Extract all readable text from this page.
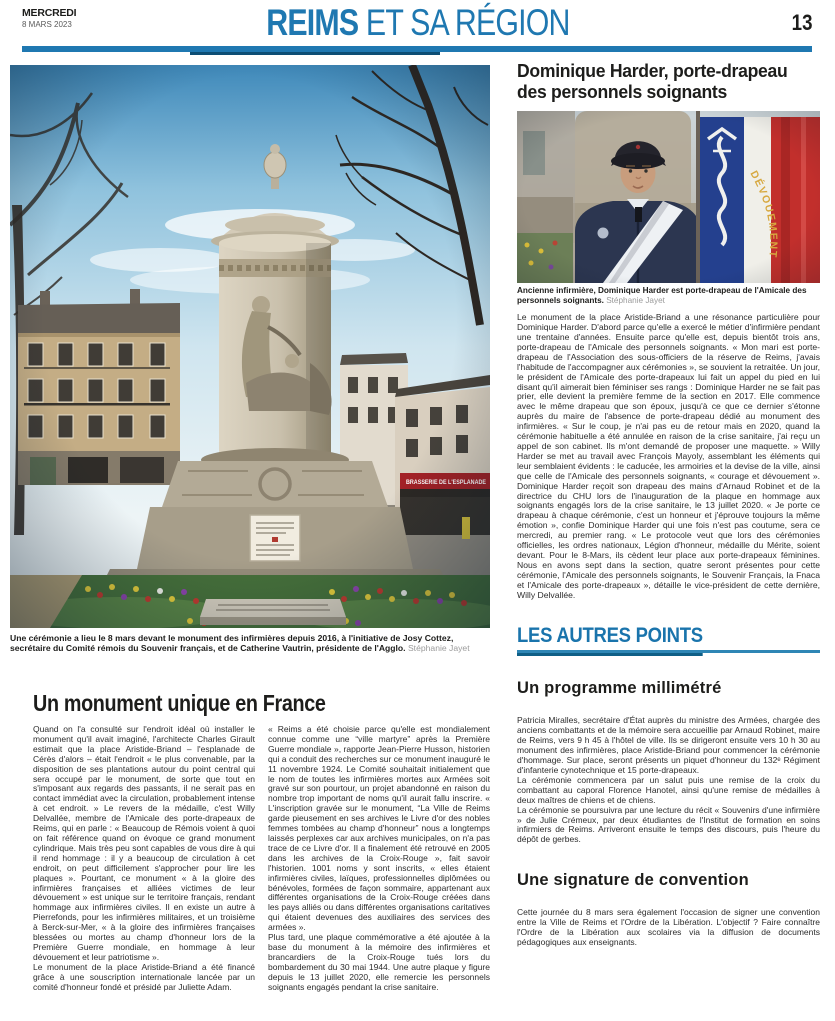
MERCREDI
8 MARS 2023	REIMS ET SA RÉGION	13
Une cérémonie a lieu le 8 mars devant le monument des infirmières depuis 2016, à l'initiative de Josy Cottez, secrétaire du Comité rémois du Souvenir français, et de Catherine Vautrin, présidente de l'Agglo. Stéphanie Jayet
Un monument unique en France

Quand on l'a consulté sur l'endroit idéal où installer le monument qu'il avait imaginé, l'architecte Charles Girault estimait que la place Aristide-Briand – l'esplanade de Cérès d'alors – était l'endroit « le plus convenable, par la disposition de ses plantations autour du point central qui sera occupé par le monument, de sorte que tout en s'imposant aux regards des passants, il ne serait pas en contact immédiat avec la circulation, probablement intense à cet endroit. » Le revers de la médaille, c'est Willy Delvallée, membre de l'Amicale des porte-drapeaux de Reims, qui en parle : « Beaucoup de Rémois voient à quoi on fait référence quand on évoque ce grand monument cylindrique. Mais très peu sont capables de vous dire à qui il rend hommage : il y a beaucoup de circulation à cet endroit, on peut difficilement s'approcher pour lire les plaques ». Pourtant, ce monument « à la gloire des infirmières françaises et alliées victimes de leur dévouement » est unique sur le territoire français, rendant hommage aux infirmières civiles. Il en existe un autre à Pierrefonds, pour les infirmières militaires, et un troisième à Berck-sur-Mer, « à la gloire des infirmières françaises blessées ou mortes au champ d'honneur lors de la Première Guerre mondiale, en hommage à leur dévouement et leur patriotisme ».

Le monument de la place Aristide-Briand a été financé grâce à une souscription internationale lancée par un comité d'honneur fondé et présidé par Juliette Adam.

« Reims a été choisie parce qu'elle est mondialement connue comme une “ville martyre” après la Première Guerre mondiale », rapporte Jean-Pierre Husson, historien qui a conduit des recherches sur ce monument inauguré le 11 novembre 1924. Le Comité souhaitait initialement que le nom de toutes les infirmières mortes aux Armées soit gravé sur son pourtour, un projet abandonné en raison du nombre trop important de noms qu'il aurait fallu inscrire. « L'inscription gravée sur le monument, “La Ville de Reims garde pieusement en ses archives le Livre d'or des nobles femmes tombées au champ d'honneur” nous a longtemps laissés perplexes car aux archives municipales, on n'a pas trace de ce Livre d'or. Il a finalement été retrouvé en 2005 dans les archives de la Croix-Rouge », fait savoir l'historien. 1001 noms y sont inscrits, « elles étaient infirmières civiles, laïques, professionnelles diplômées ou bénévoles, formées de façon sommaire, appartenant aux différentes organisations de la Croix-Rouge créées dans les pays alliés ou dans différentes organisations caritatives qui étaient devenues des auxiliaires des services des armées ».

Plus tard, une plaque commémorative a été ajoutée à la base du monument à la mémoire des infirmières et brancardiers de la Croix-Rouge tués lors du bombardement du 30 mai 1944. Une autre plaque y figure depuis le 13 juillet 2020, elle remercie les personnels soignants engagés pendant la crise sanitaire.

Dominique Harder, porte-drapeau des personnels soignants
Ancienne infirmière, Dominique Harder est porte-drapeau de l'Amicale des personnels soignants. Stéphanie Jayet

Le monument de la place Aristide-Briand a une résonance particulière pour Dominique Harder. D'abord parce qu'elle a exercé le métier d'infirmière pendant une trentaine d'années. Ensuite parce qu'elle est, depuis bientôt trois ans, porte-drapeau de l'Amicale des personnels soignants. « Mon mari est porte-drapeau de l'Association des sous-officiers de la réserve de Reims, j'avais l'habitude de l'accompagner aux cérémonies », se souvient la retraitée. Un jour, le président de l'Amicale des porte-drapeaux lui fait un appel du pied en lui disant qu'il aimerait bien féminiser ses rangs : Dominique Harder ne se fait pas prier, elle devient la première femme de la section en 2017. Elle commence avec le même drapeau que son époux, jusqu'à ce que ce dernier s'étonne auprès du maire de l'absence de porte-drapeau dédié au monument des infirmières. « Sur le coup, je n'ai pas eu de retour mais en 2020, quand la cérémonie habituelle a été annulée en raison de la crise sanitaire, j'ai reçu un appel de son cabinet. Ils m'ont demandé de proposer une maquette. » Willy Harder se met au travail avec François Mayoly, assemblant les éléments qui leur semblaient évidents : le caducée, les armoiries et la devise de la ville, ainsi que celle de l'Amicale des personnels soignants, « courage et dévouement ». Dominique Harder reçoit son drapeau des mains d'Arnaud Robinet et de la directrice du CHU lors de l'inauguration de la plaque en hommage aux soignants engagés lors de la crise sanitaire, le 13 juillet 2020. « Je porte ce drapeau à chaque cérémonie, c'est un honneur et j'éprouve toujours la même émotion », confie Dominique Harder qui une fois n'est pas coutume, sera ce mercredi, au premier rang. « Le protocole veut que lors des cérémonies officielles, les ordres nationaux, Légion d'honneur, médaille du Mérite, soient devant. Pour le 8-Mars, ils cèdent leur place aux porte-drapeaux féminines. Nous en avons sept dans la section, quatre seront présentes pour cette cérémonie, l'Amicale des personnels soignants, le Souvenir Français, la Fnaca et l'Amicale des porte-drapeaux », détaille le vice-président de cette dernière, Willy Delvallée.

LES AUTRES POINTS
Un programme millimétré

Patricia Miralles, secrétaire d'État auprès du ministre des Armées, chargée des anciens combattants et de la mémoire sera accueillie par Arnaud Robinet, maire de Reims, vers 9 h 45 à l'hôtel de ville. Ils se dirigeront ensuite vers 10 h 30 au monument des infirmières, place Aristide-Briand pour commencer la cérémonie d'hommage. Sur place, seront présents un piquet d'honneur du 132ᵉ Régiment d'infanterie cynotechnique et 15 porte-drapeaux.

La cérémonie commencera par un salut puis une remise de la croix du combattant au caporal Florence Hanotel, ainsi qu'une remise de médailles à deux maîtres de chiens et de chiens.

La cérémonie se poursuivra par une lecture du récit « Souvenirs d'une infirmière » de Julie Crémeux, par deux étudiantes de l'Institut de formation en soins infirmiers de Reims. Arriveront ensuite le temps des discours, puis l'heure du dépôt de gerbes.

Une signature de convention

Cette journée du 8 mars sera également l'occasion de signer une convention entre la Ville de Reims et l'Ordre de la Libération. L'objectif ? Faire connaître l'Ordre de la Libération aux scolaires via la diffusion de documents pédagogiques aux enseignants.
